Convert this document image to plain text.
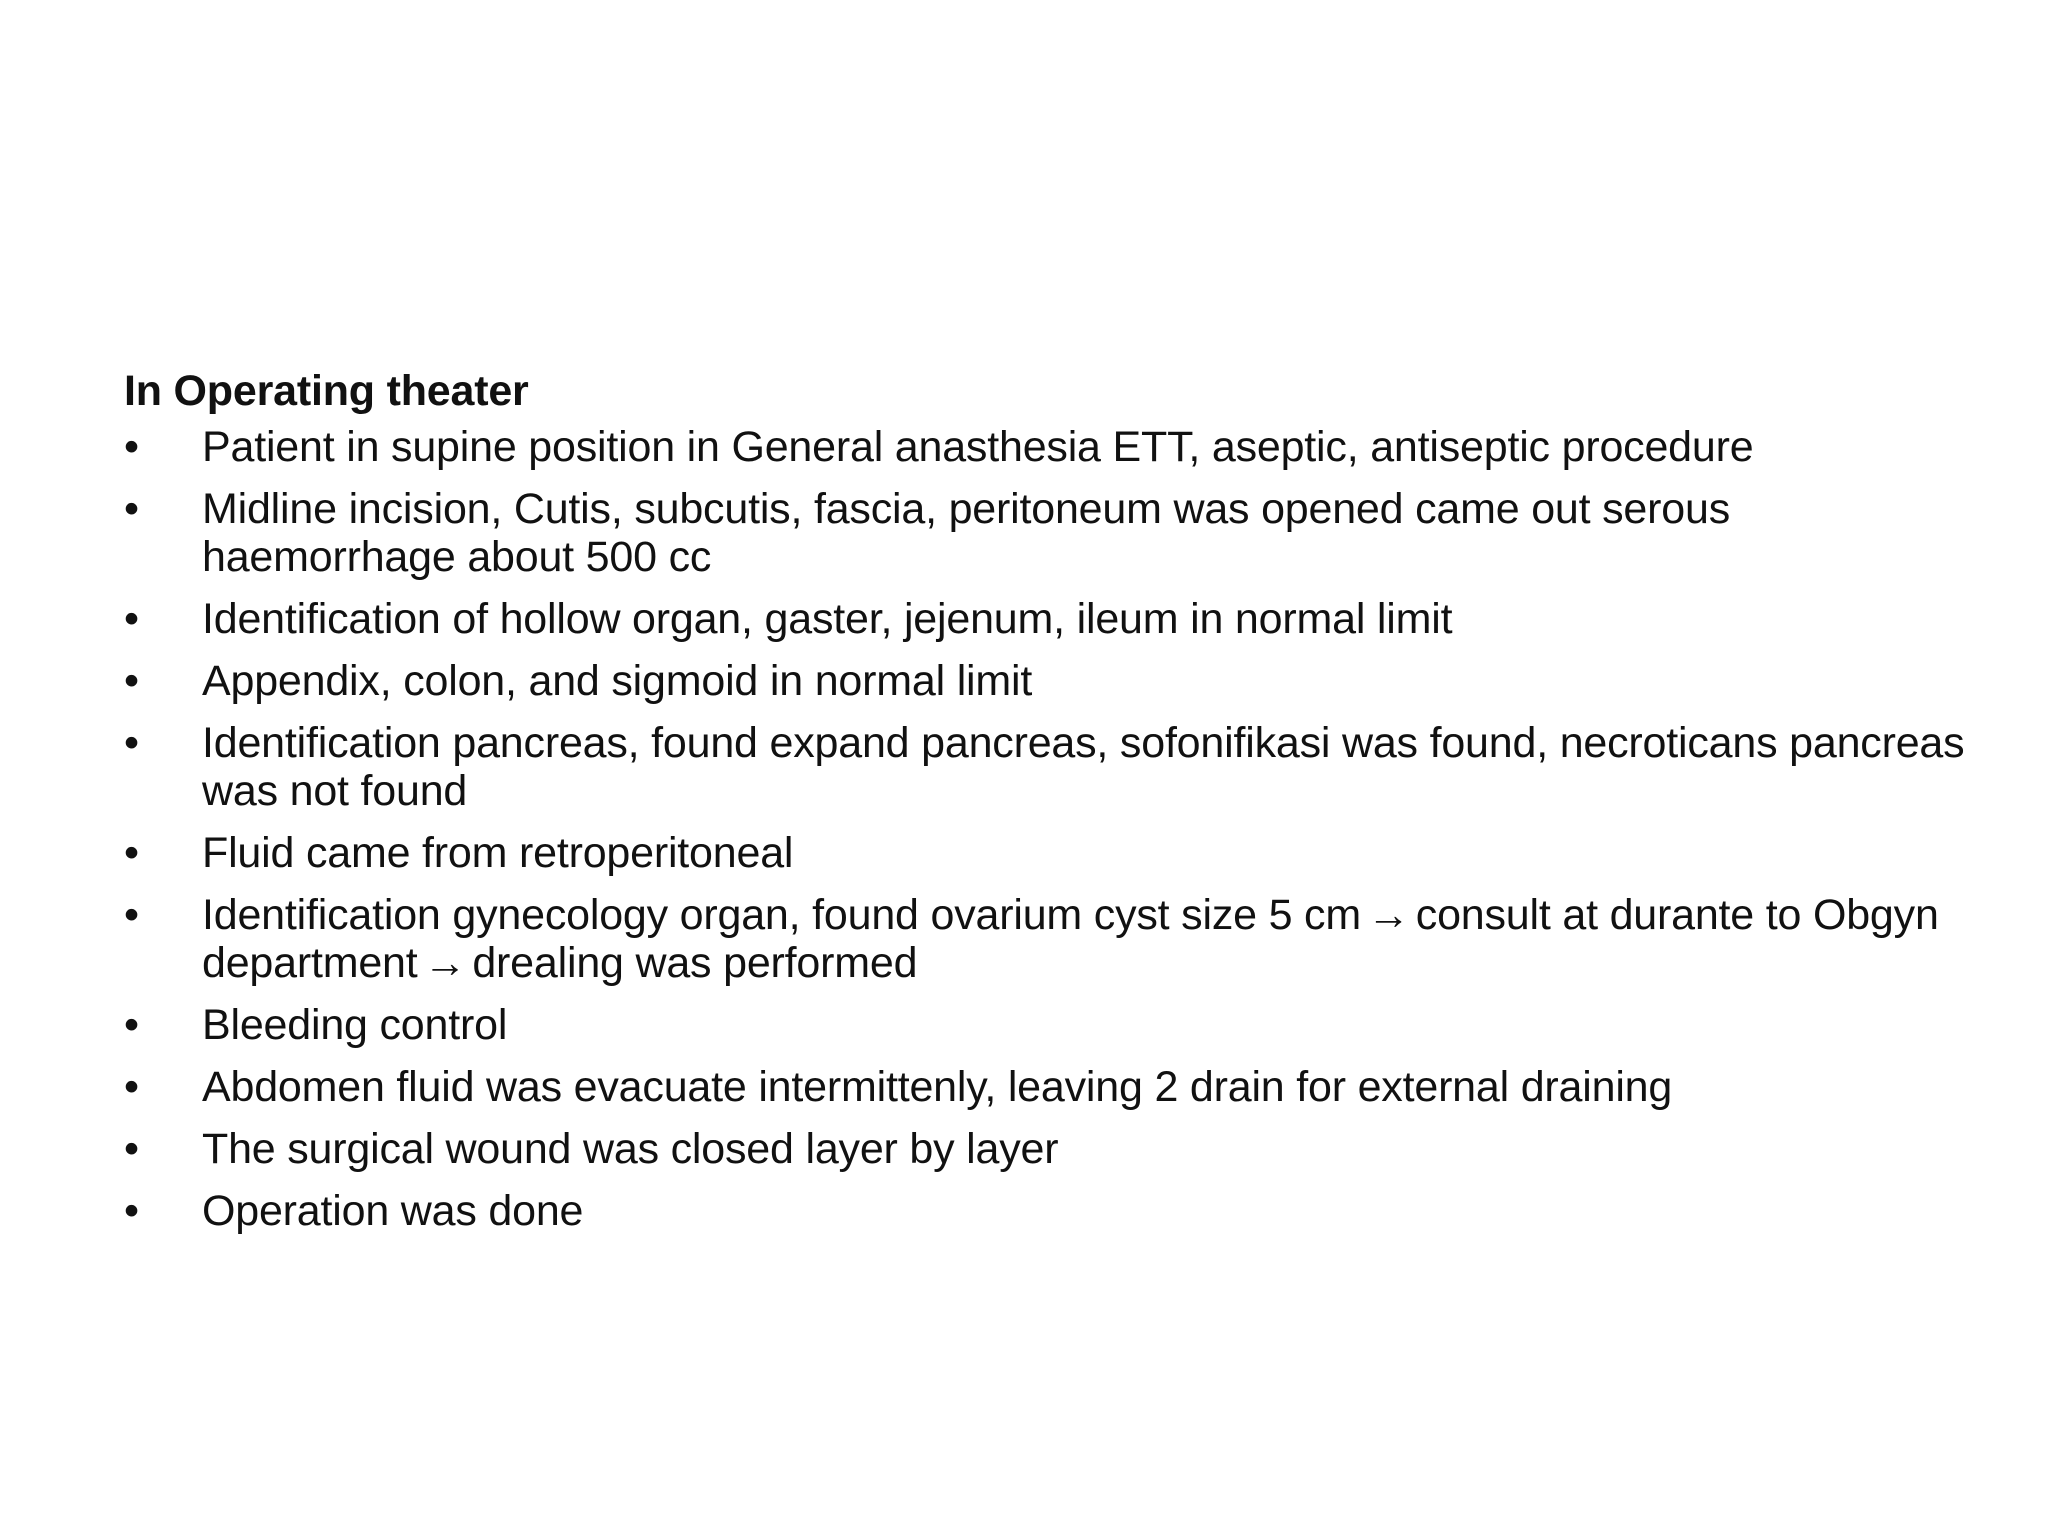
In Operating theater
•	Patient in supine position in General anasthesia ETT, aseptic, antiseptic procedure
•	Midline incision, Cutis, subcutis, fascia, peritoneum was opened came out serous haemorrhage about 500 cc
•	Identification of hollow organ, gaster, jejenum, ileum in normal limit
•	Appendix, colon, and sigmoid in normal limit
•	Identification pancreas, found expand pancreas, sofonifikasi was found, necroticans pancreas was not found
•	Fluid came from retroperitoneal
•	Identification gynecology organ, found ovarium cyst size 5 cm → consult at durante to Obgyn department → drealing was performed
•	Bleeding control
•	Abdomen fluid was evacuate intermittenly, leaving 2 drain for external draining
•	The surgical wound was closed layer by layer
•	Operation was done
